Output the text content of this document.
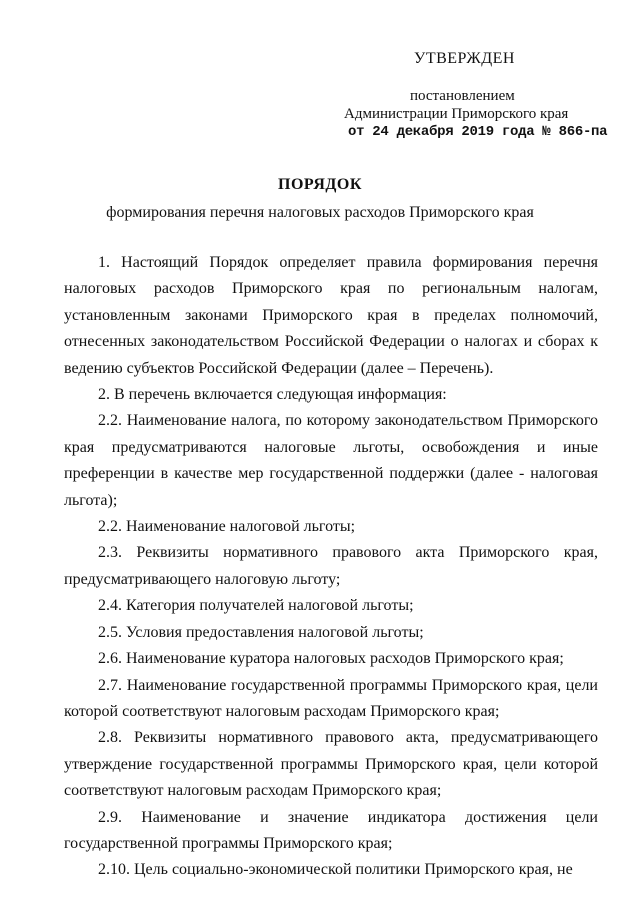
УТВЕРЖДЕН
постановлением
Администрации Приморского края
от 24 декабря 2019 года № 866-па
ПОРЯДОК
формирования перечня налоговых расходов Приморского края

1. Настоящий Порядок определяет правила формирования перечня налоговых расходов Приморского края по региональным налогам, установленным законами Приморского края в пределах полномочий, отнесенных законодательством Российской Федерации о налогах и сборах к ведению субъектов Российской Федерации (далее – Перечень).

2. В перечень включается следующая информация:

2.2. Наименование налога, по которому законодательством Приморского края предусматриваются налоговые льготы, освобождения и иные преференции в качестве мер государственной поддержки (далее - налоговая льгота);

2.2. Наименование налоговой льготы;

2.3. Реквизиты нормативного правового акта Приморского края, предусматривающего налоговую льготу;

2.4. Категория получателей налоговой льготы;

2.5. Условия предоставления налоговой льготы;

2.6. Наименование куратора налоговых расходов Приморского края;

2.7. Наименование государственной программы Приморского края, цели которой соответствуют налоговым расходам Приморского края;

2.8. Реквизиты нормативного правового акта, предусматривающего утверждение государственной программы Приморского края, цели которой соответствуют налоговым расходам Приморского края;

2.9. Наименование и значение индикатора достижения цели государственной программы Приморского края;

2.10. Цель социально-экономической политики Приморского края, не
